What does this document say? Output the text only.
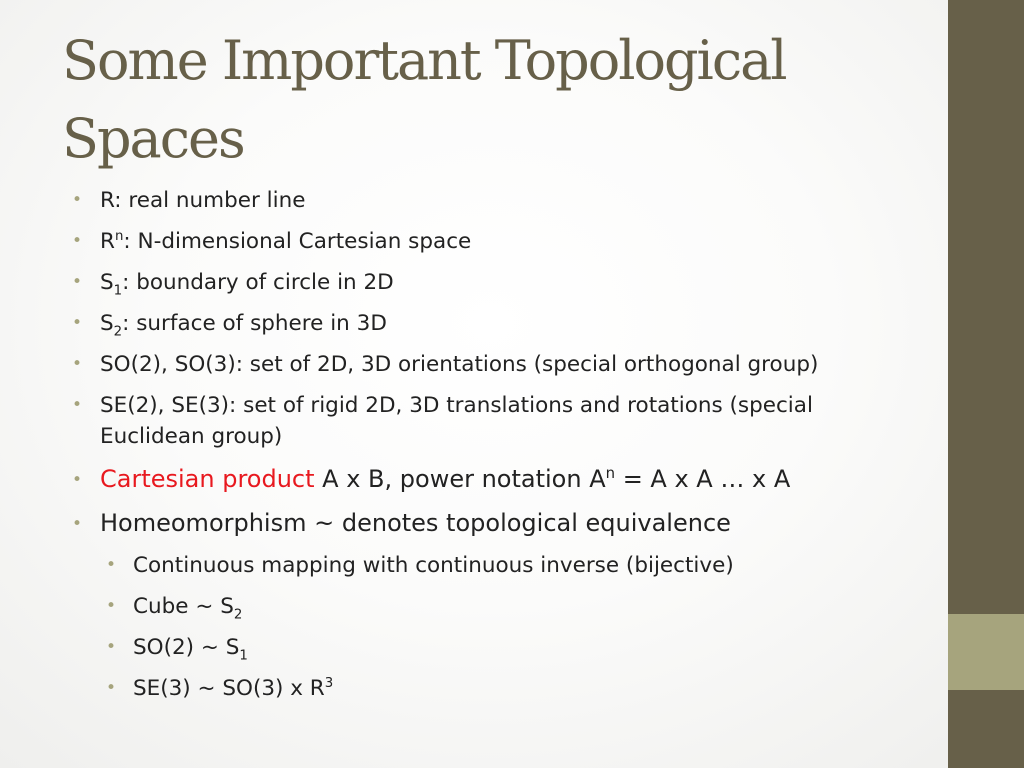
Some Important Topological Spaces
• R: real number line
• $R^n$: N-dimensional Cartesian space
• $S_1$: boundary of circle in 2D
• $S_2$: surface of sphere in 3D
• SO(2), SO(3): set of 2D, 3D orientations (special orthogonal group)
• SE(2), SE(3): set of rigid 2D, 3D translations and rotations (special Euclidean group)
• Cartesian product A x B, power notation $A^n = A$ x A … x A
• Homeomorphism ~ denotes topological equivalence
• Continuous mapping with continuous inverse (bijective)
• Cube ~ $S_2$
• SO(2) ~ $S_1$
• SE(3) ~ SO(3) x $R^3$
